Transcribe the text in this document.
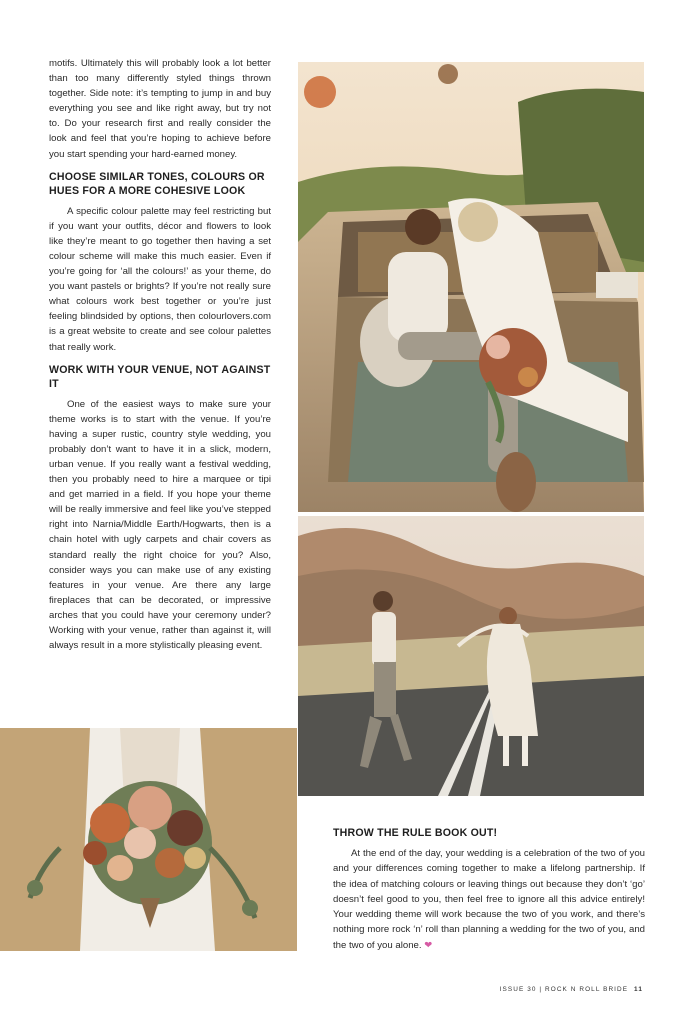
motifs. Ultimately this will probably look a lot better than too many differently styled things thrown together. Side note: it’s tempting to jump in and buy everything you see and like right away, but try not to. Do your research first and really consider the look and feel that you’re hoping to achieve before you start spending your hard-earned money.

CHOOSE SIMILAR TONES, COLOURS OR HUES FOR A MORE COHESIVE LOOK

A specific colour palette may feel restricting but if you want your outfits, décor and flowers to look like they’re meant to go together then having a set colour scheme will make this much easier. Even if you’re going for ‘all the colours!’ as your theme, do you want pastels or brights? If you’re not really sure what colours work best together or you’re just feeling blindsided by options, then colourlovers.com is a great website to create and see colour palettes that really work.

WORK WITH YOUR VENUE, NOT AGAINST IT

One of the easiest ways to make sure your theme works is to start with the venue. If you’re having a super rustic, country style wedding, you probably don’t want to have it in a slick, modern, urban venue. If you really want a festival wedding, then you probably need to hire a marquee or tipi and get married in a field. If you hope your theme will be really immersive and feel like you’ve stepped right into Narnia/Middle Earth/Hogwarts, then is a chain hotel with ugly carpets and chair covers as standard really the right choice for you? Also, consider ways you can make use of any existing features in your venue. Are there any large fireplaces that can be decorated, or impressive arches that you could have your ceremony under? Working with your venue, rather than against it, will always result in a more stylistically pleasing event.

THROW THE RULE BOOK OUT!

At the end of the day, your wedding is a celebration of the two of you and your differences coming together to make a lifelong partnership. If the idea of matching colours or leaving things out because they don’t ‘go’ doesn’t feel good to you, then feel free to ignore all this advice entirely! Your wedding theme will work because the two of you work, and there’s nothing more rock ‘n’ roll than planning a wedding for the two of you, and the two of you alone. ❤

ISSUE 30 | ROCK N ROLL BRIDE 11
